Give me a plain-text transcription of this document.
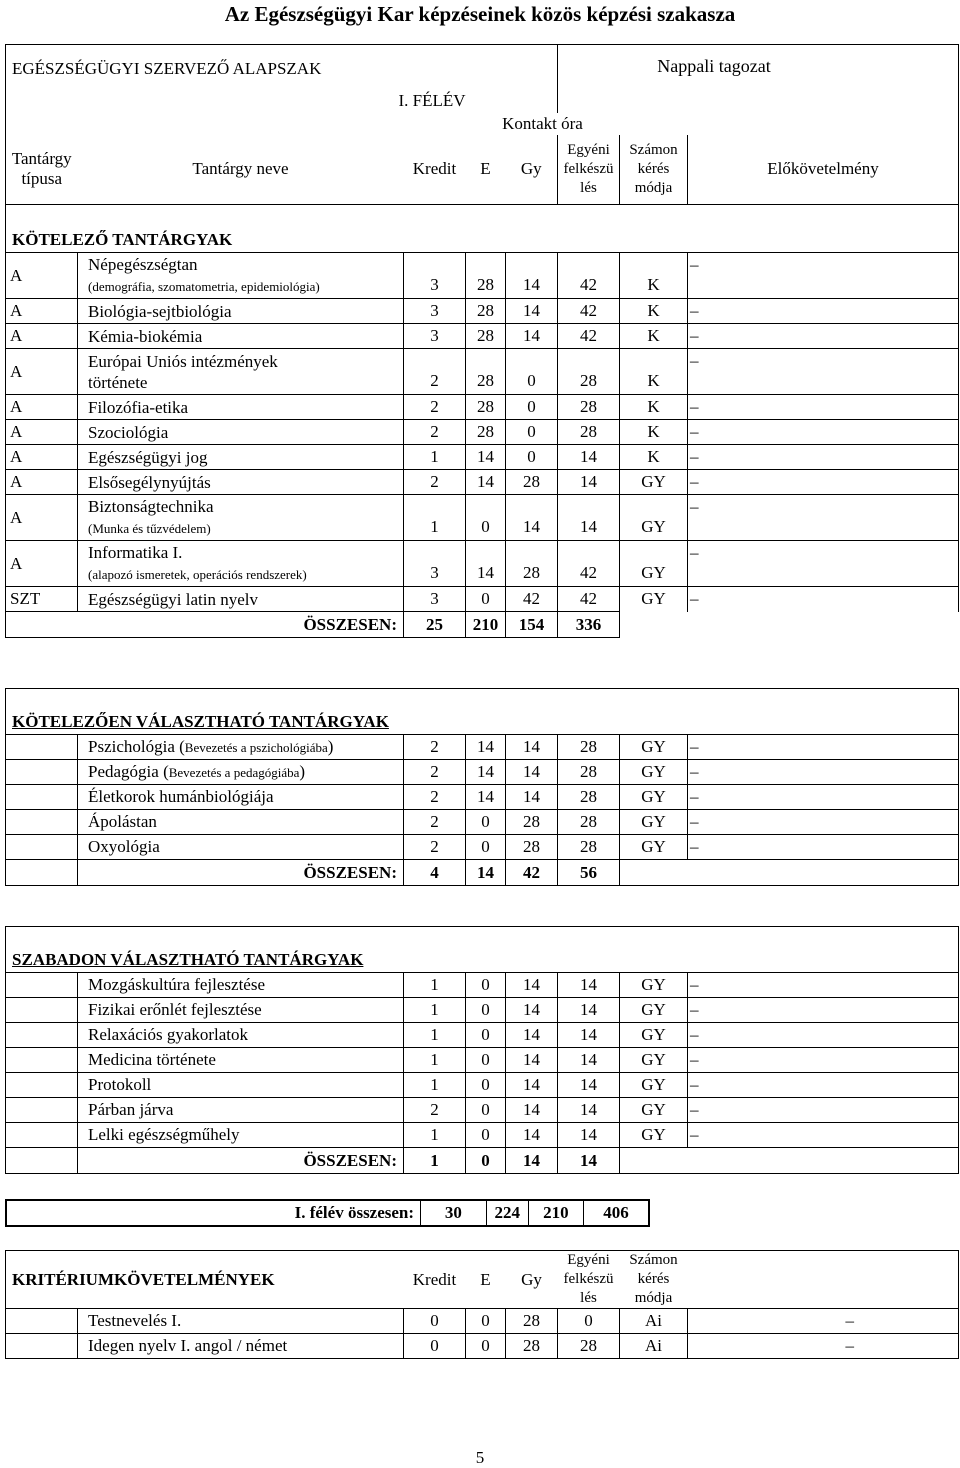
Az Egészségügyi Kar képzéseinek közös képzési szakasza
EGÉSZSÉGÜGYI SZERVEZŐ ALAPSZAK					Nappali tagozat		
	I. FÉLÉV						
			Kontakt óra				
Tantárgy
típusa	Tantárgy neve	Kredit	E	Gy	Egyéni
felkészü
lés	Számon
kérés
módja	Előkövetelmény

KÖTELEZŐ TANTÁRGYAK							
A	Népegészségtan
(demográfia, szomatometria, epidemiológia)	3	28	14	42	K	–
A	Biológia-sejtbiológia	3	28	14	42	K	–
A	Kémia-biokémia	3	28	14	42	K	–
A	Európai Uniós intézmények
története	2	28	0	28	K	–
A	Filozófia-etika	2	28	0	28	K	–
A	Szociológia	2	28	0	28	K	–
A	Egészségügyi jog	1	14	0	14	K	–
A	Elsősegélynyújtás	2	14	28	14	GY	–
A	Biztonságtechnika
(Munka és tűzvédelem)	1	0	14	14	GY	–
A	Informatika I.
(alapozó ismeretek, operációs rendszerek)	3	14	28	42	GY	–
SZT	Egészségügyi latin nyelv	3	0	42	42	GY	–
	ÖSSZESEN:	25	210	154	336		

KÖTELEZŐEN VÁLASZTHATÓ TANTÁRGYAK							
	Pszichológia (Bevezetés a pszichológiába)	2	14	14	28	GY	–
	Pedagógia (Bevezetés a pedagógiába)	2	14	14	28	GY	–
	Életkorok humánbiológiája	2	14	14	28	GY	–
	Ápolástan	2	0	28	28	GY	–
	Oxyológia	2	0	28	28	GY	–
	ÖSSZESEN:	4	14	42	56		

SZABADON VÁLASZTHATÓ TANTÁRGYAK							
	Mozgáskultúra fejlesztése	1	0	14	14	GY	–
	Fizikai erőnlét fejlesztése	1	0	14	14	GY	–
	Relaxációs gyakorlatok	1	0	14	14	GY	–
	Medicina története	1	0	14	14	GY	–
	Protokoll	1	0	14	14	GY	–
	Párban járva	2	0	14	14	GY	–
	Lelki egészségműhely	1	0	14	14	GY	–
	ÖSSZESEN:	1	0	14	14		
I. félév összesen:	30	224	210	406
KRITÉRIUMKÖVETELMÉNYEK		Kredit	E	Gy	Egyéni
felkészü
lés	Számon
kérés
módja	
	Testnevelés I.	0	0	28	0	Ai	–
	Idegen nyelv I. angol / német	0	0	28	28	Ai	–
5
